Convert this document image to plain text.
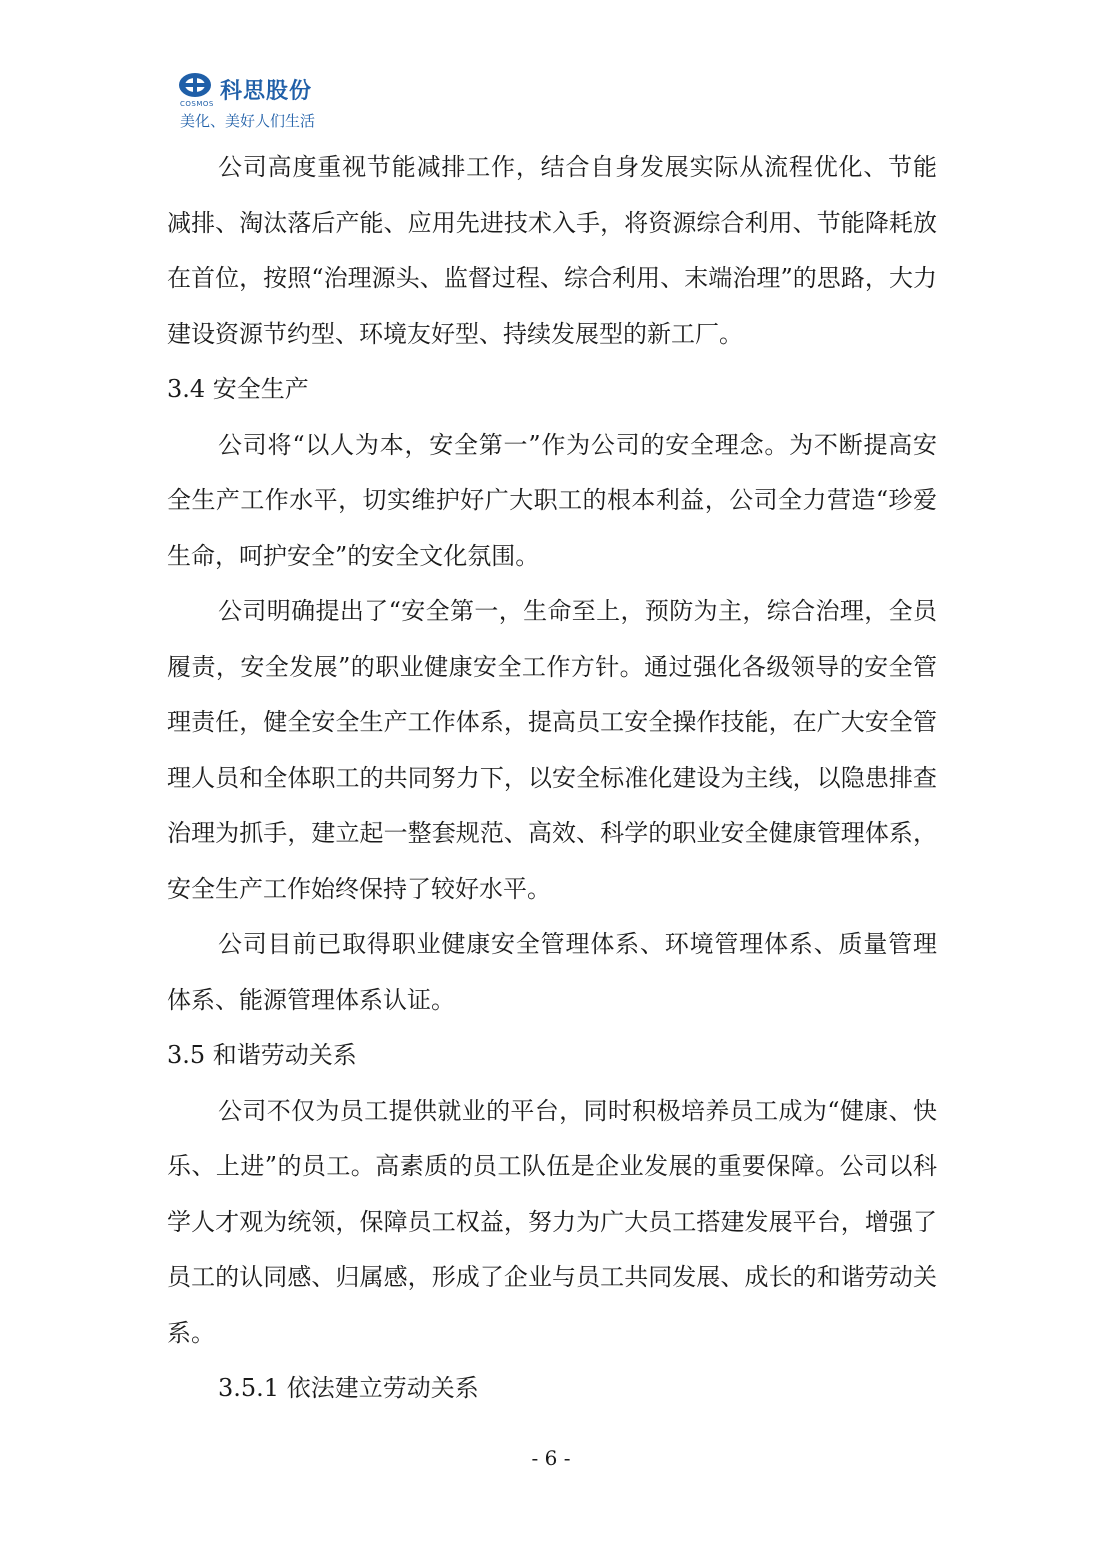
科思股份
COSMOS
美化、美好人们生活

公司高度重视节能减排工作，结合自身发展实际从流程优化、节能减排、淘汰落后产能、应用先进技术入手，将资源综合利用、节能降耗放在首位，按照“治理源头、监督过程、综合利用、末端治理”的思路，大力建设资源节约型、环境友好型、持续发展型的新工厂。

3.4 安全生产

公司将“以人为本，安全第一”作为公司的安全理念。为不断提高安全生产工作水平，切实维护好广大职工的根本利益，公司全力营造“珍爱生命，呵护安全”的安全文化氛围。

公司明确提出了“安全第一，生命至上，预防为主，综合治理，全员履责，安全发展”的职业健康安全工作方针。通过强化各级领导的安全管理责任，健全安全生产工作体系，提高员工安全操作技能，在广大安全管理人员和全体职工的共同努力下，以安全标准化建设为主线，以隐患排查治理为抓手，建立起一整套规范、高效、科学的职业安全健康管理体系，安全生产工作始终保持了较好水平。

公司目前已取得职业健康安全管理体系、环境管理体系、质量管理体系、能源管理体系认证。

3.5 和谐劳动关系

公司不仅为员工提供就业的平台，同时积极培养员工成为“健康、快乐、上进”的员工。高素质的员工队伍是企业发展的重要保障。公司以科学人才观为统领，保障员工权益，努力为广大员工搭建发展平台，增强了员工的认同感、归属感，形成了企业与员工共同发展、成长的和谐劳动关系。

3.5.1 依法建立劳动关系

- 6 -
